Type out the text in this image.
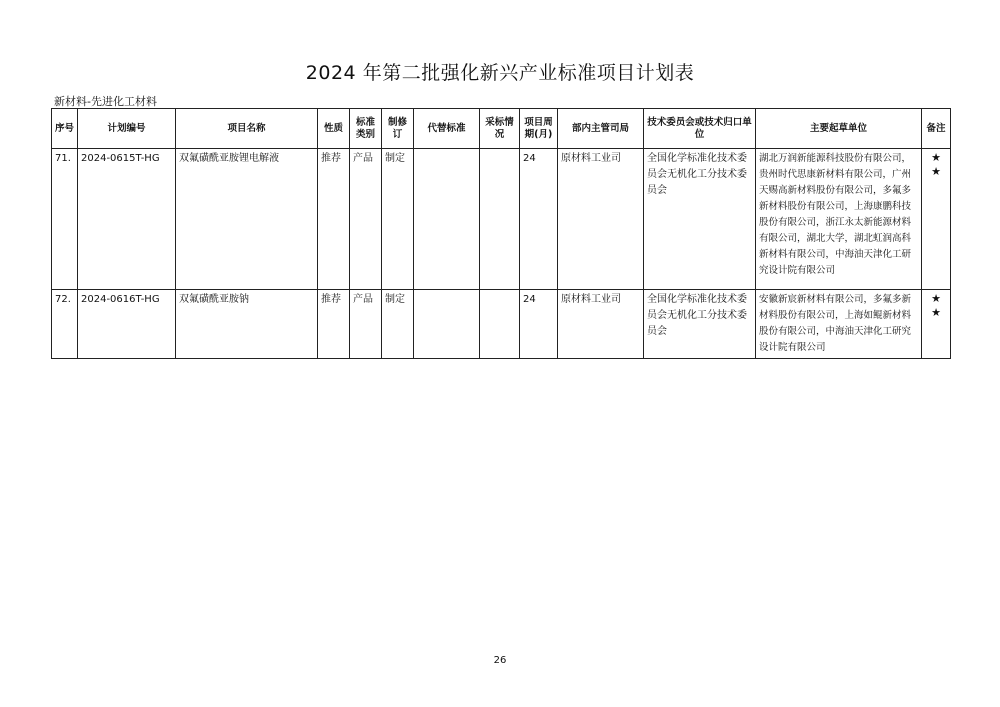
2024 年第二批强化新兴产业标准项目计划表
新材料-先进化工材料
序号	计划编号	项目名称	性质	标准类别	制修订	代替标准	采标情况	项目周期(月)	部内主管司局	技术委员会或技术归口单位	主要起草单位	备注
71.	2024-0615T-HG	双氟磺酰亚胺锂电解液	推荐	产品	制定			24	原材料工业司	全国化学标准化技术委员会无机化工分技术委员会	湖北万润新能源科技股份有限公司，贵州时代思康新材料有限公司，广州天赐高新材料股份有限公司，多氟多新材料股份有限公司，上海康鹏科技股份有限公司，浙江永太新能源材料有限公司，湖北大学，湖北虹润高科新材料有限公司，中海油天津化工研究设计院有限公司	★
★

72.	2024-0616T-HG	双氟磺酰亚胺钠	推荐	产品	制定			24	原材料工业司	全国化学标准化技术委员会无机化工分技术委员会	安徽新宸新材料有限公司，多氟多新材料股份有限公司，上海如鲲新材料股份有限公司，中海油天津化工研究设计院有限公司	★
★
26
